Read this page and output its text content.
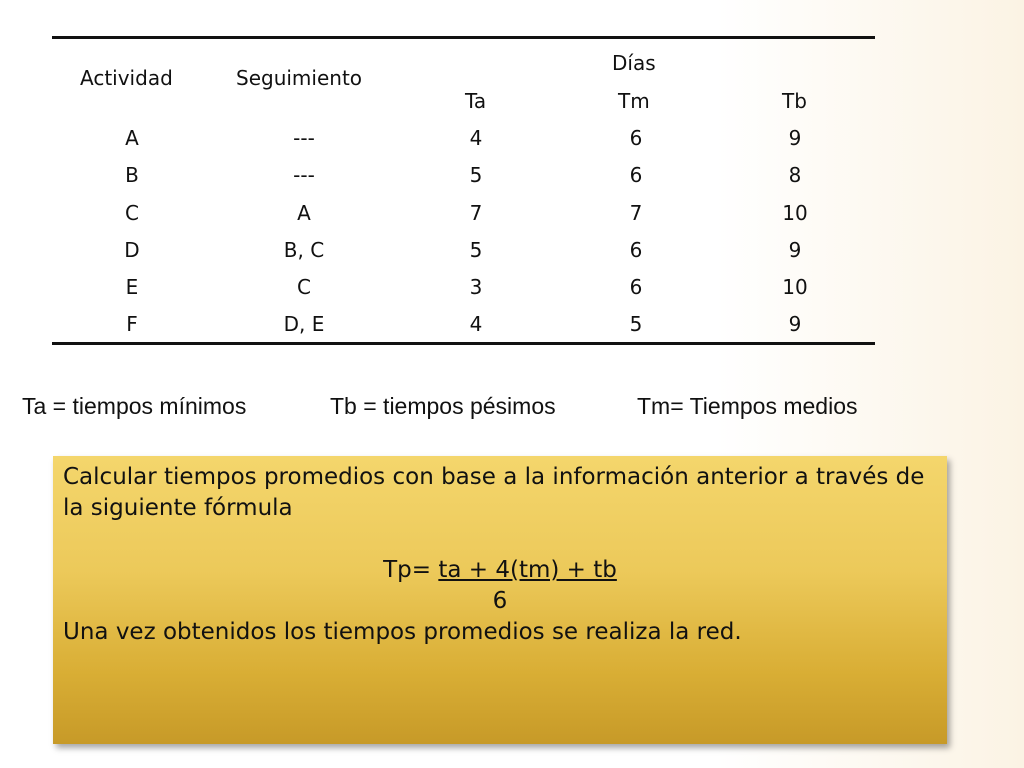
Actividad	Seguimiento
Días
Ta	Tm	Tb
A	---	4	6	9
B	---	5	6	8
C	A	7	7	10
D	B, C	5	6	9
E	C	3	6	10
F	D, E	4	5	9
Ta = tiempos mínimos	Tb = tiempos pésimos	Tm= Tiempos medios

Calcular tiempos promedios con base a la información anterior a través de la siguiente fórmula

Tp= ta + 4(tm) + tb

6

Una vez obtenidos los tiempos promedios se realiza la red.
